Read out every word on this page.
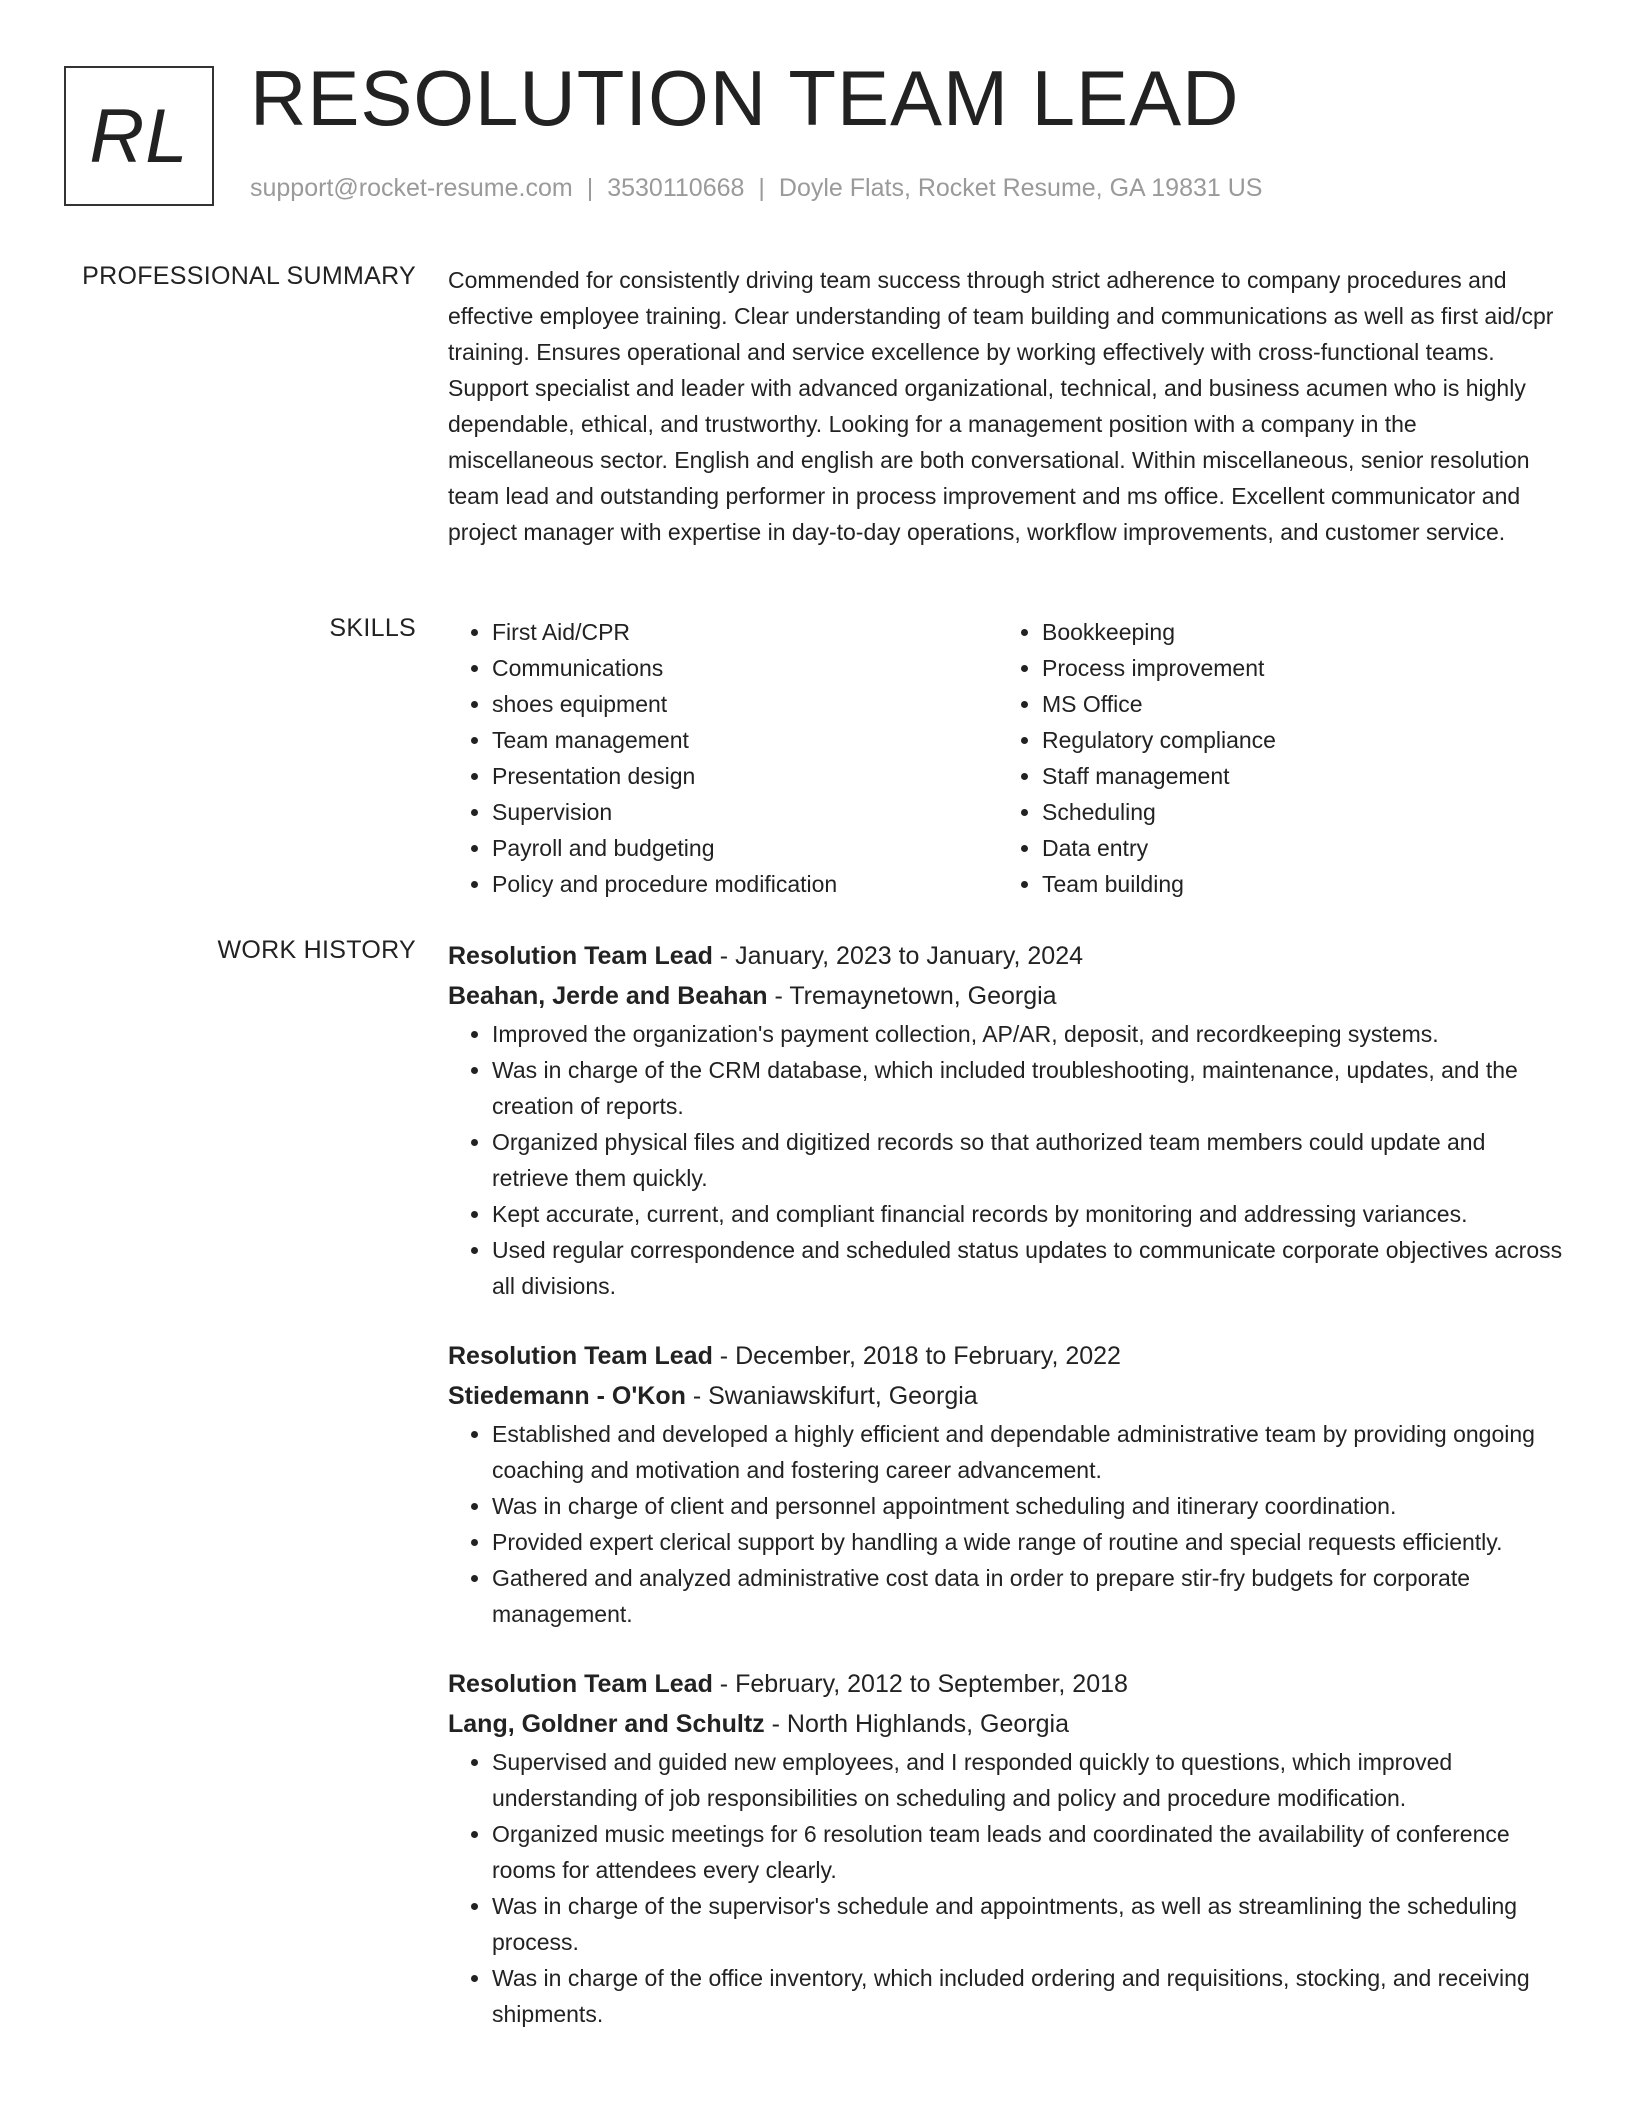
RL RESOLUTION TEAM LEAD
support@rocket-resume.com | 3530110668 | Doyle Flats, Rocket Resume, GA 19831 US
PROFESSIONAL SUMMARY Commended for consistently driving team success through strict adherence to company procedures and effective employee training. Clear understanding of team building and communications as well as first aid/cpr training. Ensures operational and service excellence by working effectively with cross-functional teams. Support specialist and leader with advanced organizational, technical, and business acumen who is highly dependable, ethical, and trustworthy. Looking for a management position with a company in the miscellaneous sector. English and english are both conversational. Within miscellaneous, senior resolution team lead and outstanding performer in process improvement and ms office. Excellent communicator and project manager with expertise in day-to-day operations, workflow improvements, and customer service.

SKILLS
•	First Aid/CPR
• Communications
• shoes equipment
• Team management
• Presentation design
• Supervision
• Payroll and budgeting
• Policy and procedure modification
• Bookkeeping
• Process improvement
• MS Office
• Regulatory compliance
• Staff management
• Scheduling
• Data entry
• Team building
WORK HISTORY Resolution Team Lead - January, 2023 to January, 2024
Beahan, Jerde and Beahan - Tremaynetown, Georgia
• Improved the organization's payment collection, AP/AR, deposit, and recordkeeping systems.
• Was in charge of the CRM database, which included troubleshooting, maintenance, updates, and the creation of reports.
• Organized physical files and digitized records so that authorized team members could update and retrieve them quickly.
• Kept accurate, current, and compliant financial records by monitoring and addressing variances.
• Used regular correspondence and scheduled status updates to communicate corporate objectives across all divisions.
Resolution Team Lead - December, 2018 to February, 2022
Stiedemann - O'Kon - Swaniawskifurt, Georgia
• Established and developed a highly efficient and dependable administrative team by providing ongoing coaching and motivation and fostering career advancement.
• Was in charge of client and personnel appointment scheduling and itinerary coordination.
• Provided expert clerical support by handling a wide range of routine and special requests efficiently.
• Gathered and analyzed administrative cost data in order to prepare stir-fry budgets for corporate management.
Resolution Team Lead - February, 2012 to September, 2018
Lang, Goldner and Schultz - North Highlands, Georgia
• Supervised and guided new employees, and I responded quickly to questions, which improved understanding of job responsibilities on scheduling and policy and procedure modification.
• Organized music meetings for 6 resolution team leads and coordinated the availability of conference rooms for attendees every clearly.
• Was in charge of the supervisor's schedule and appointments, as well as streamlining the scheduling process.
• Was in charge of the office inventory, which included ordering and requisitions, stocking, and receiving shipments.
